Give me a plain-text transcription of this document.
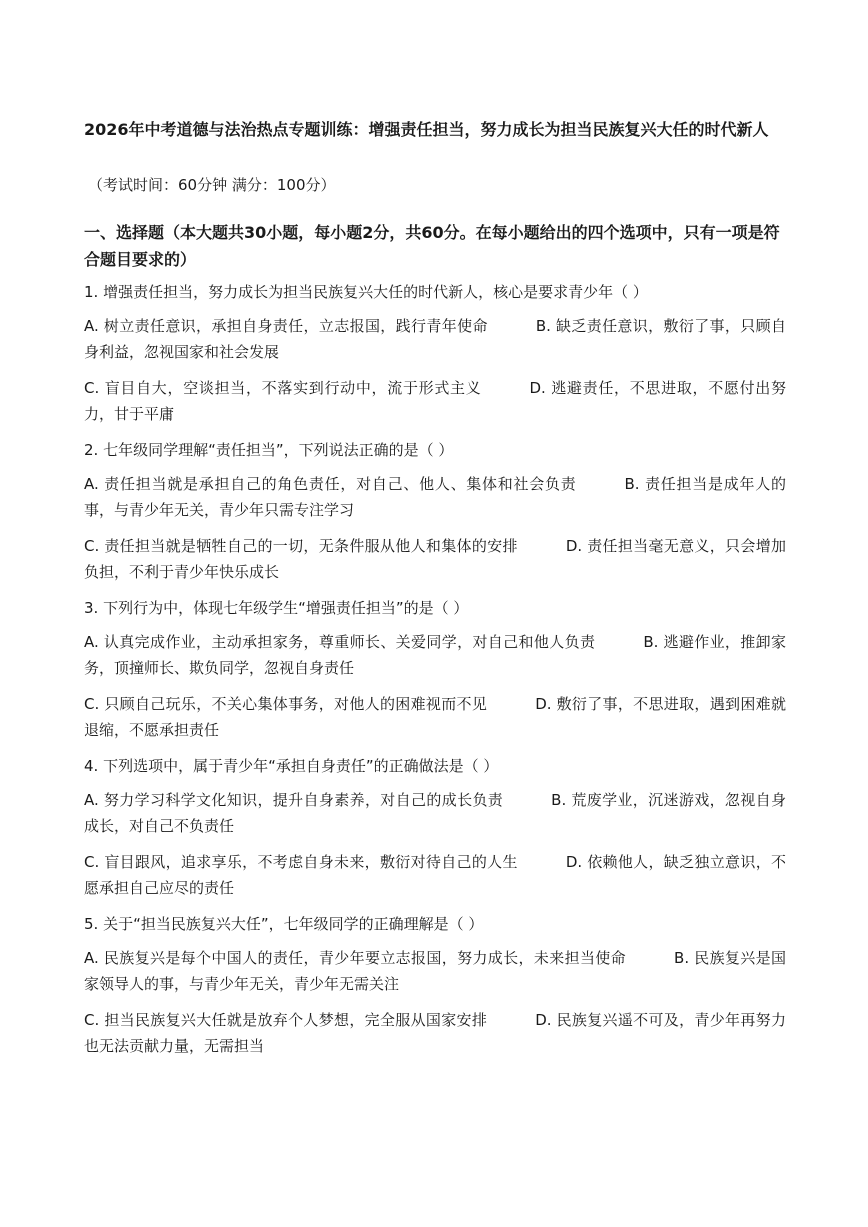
2026年中考道德与法治热点专题训练：增强责任担当，努力成长为担当民族复兴大任的时代新人
（考试时间：60分钟 满分：100分）
一、选择题（本大题共30小题，每小题2分，共60分。在每小题给出的四个选项中，只有一项是符合题目要求的）
1. 增强责任担当，努力成长为担当民族复兴大任的时代新人，核心是要求青少年（ ）
A. 树立责任意识，承担自身责任，立志报国，践行青年使命	B. 缺乏责任意识，敷衍了事，只顾自身利益，忽视国家和社会发展
C. 盲目自大，空谈担当，不落实到行动中，流于形式主义	D. 逃避责任，不思进取，不愿付出努力，甘于平庸
2. 七年级同学理解“责任担当”，下列说法正确的是（ ）
A. 责任担当就是承担自己的角色责任，对自己、他人、集体和社会负责	B. 责任担当是成年人的事，与青少年无关，青少年只需专注学习
C. 责任担当就是牺牲自己的一切，无条件服从他人和集体的安排	D. 责任担当毫无意义，只会增加负担，不利于青少年快乐成长
3. 下列行为中，体现七年级学生“增强责任担当”的是（ ）
A. 认真完成作业，主动承担家务，尊重师长、关爱同学，对自己和他人负责	B. 逃避作业，推卸家务，顶撞师长、欺负同学，忽视自身责任
C. 只顾自己玩乐，不关心集体事务，对他人的困难视而不见	D. 敷衍了事，不思进取，遇到困难就退缩，不愿承担责任
4. 下列选项中，属于青少年“承担自身责任”的正确做法是（ ）
A. 努力学习科学文化知识，提升自身素养，对自己的成长负责	B. 荒废学业，沉迷游戏，忽视自身成长，对自己不负责任
C. 盲目跟风，追求享乐，不考虑自身未来，敷衍对待自己的人生	D. 依赖他人，缺乏独立意识，不愿承担自己应尽的责任
5. 关于“担当民族复兴大任”，七年级同学的正确理解是（ ）
A. 民族复兴是每个中国人的责任，青少年要立志报国，努力成长，未来担当使命	B. 民族复兴是国家领导人的事，与青少年无关，青少年无需关注
C. 担当民族复兴大任就是放弃个人梦想，完全服从国家安排	D. 民族复兴遥不可及，青少年再努力也无法贡献力量，无需担当
